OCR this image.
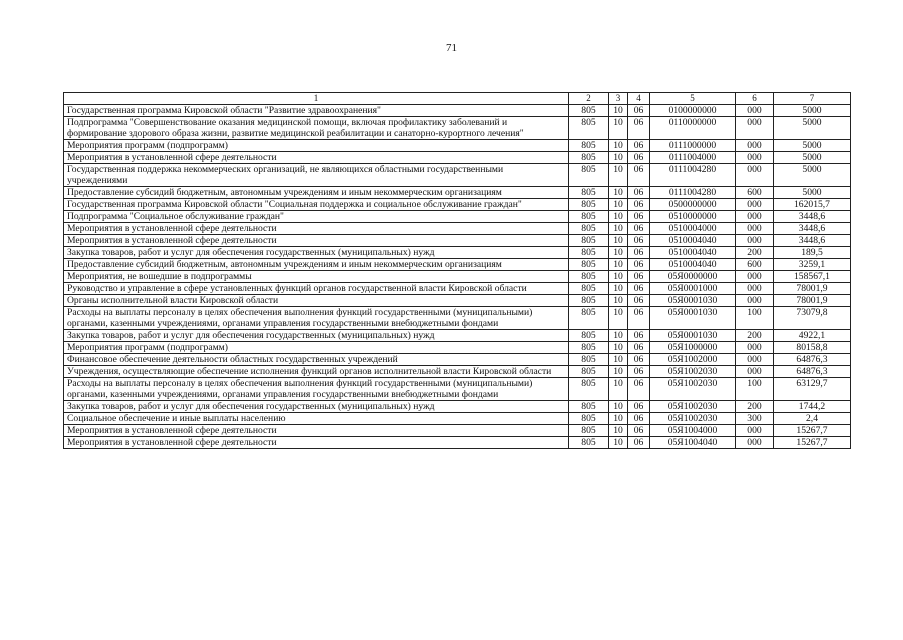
71
1	2	3	4	5	6	7
Государственная программа Кировской области "Развитие здравоохранения"	805	10	06	0100000000	000	5000
Подпрограмма "Совершенствование оказания медицинской помощи, включая профилактику заболеваний и формирование здорового образа жизни, развитие медицинской реабилитации и санаторно-курортного лечения"	805	10	06	0110000000	000	5000
Мероприятия программ (подпрограмм)	805	10	06	0111000000	000	5000
Мероприятия в установленной сфере деятельности	805	10	06	0111004000	000	5000
Государственная поддержка некоммерческих организаций, не являющихся областными государственными учреждениями	805	10	06	0111004280	000	5000
Предоставление субсидий бюджетным, автономным учреждениям и иным некоммерческим организациям	805	10	06	0111004280	600	5000
Государственная программа Кировской области "Социальная поддержка и социальное обслуживание граждан"	805	10	06	0500000000	000	162015,7
Подпрограмма "Социальное обслуживание граждан"	805	10	06	0510000000	000	3448,6
Мероприятия в установленной сфере деятельности	805	10	06	0510004000	000	3448,6
Мероприятия в установленной сфере деятельности	805	10	06	0510004040	000	3448,6
Закупка товаров, работ и услуг для обеспечения государственных (муниципальных) нужд	805	10	06	0510004040	200	189,5
Предоставление субсидий бюджетным, автономным учреждениям и иным некоммерческим организациям	805	10	06	0510004040	600	3259,1
Мероприятия, не вошедшие в подпрограммы	805	10	06	05Я0000000	000	158567,1
Руководство и управление в сфере установленных функций органов государственной власти Кировской области	805	10	06	05Я0001000	000	78001,9
Органы исполнительной власти Кировской области	805	10	06	05Я0001030	000	78001,9
Расходы на выплаты персоналу в целях обеспечения выполнения функций государственными (муниципальными) органами, казенными учреждениями, органами управления государственными внебюджетными фондами	805	10	06	05Я0001030	100	73079,8
Закупка товаров, работ и услуг для обеспечения государственных (муниципальных) нужд	805	10	06	05Я0001030	200	4922,1
Мероприятия программ (подпрограмм)	805	10	06	05Я1000000	000	80158,8
Финансовое обеспечение деятельности областных государственных учреждений	805	10	06	05Я1002000	000	64876,3
Учреждения, осуществляющие обеспечение исполнения функций органов исполнительной власти Кировской области	805	10	06	05Я1002030	000	64876,3
Расходы на выплаты персоналу в целях обеспечения выполнения функций государственными (муниципальными) органами, казенными учреждениями, органами управления государственными внебюджетными фондами	805	10	06	05Я1002030	100	63129,7
Закупка товаров, работ и услуг для обеспечения государственных (муниципальных) нужд	805	10	06	05Я1002030	200	1744,2
Социальное обеспечение и иные выплаты населению	805	10	06	05Я1002030	300	2,4
Мероприятия в установленной сфере деятельности	805	10	06	05Я1004000	000	15267,7
Мероприятия в установленной сфере деятельности	805	10	06	05Я1004040	000	15267,7
